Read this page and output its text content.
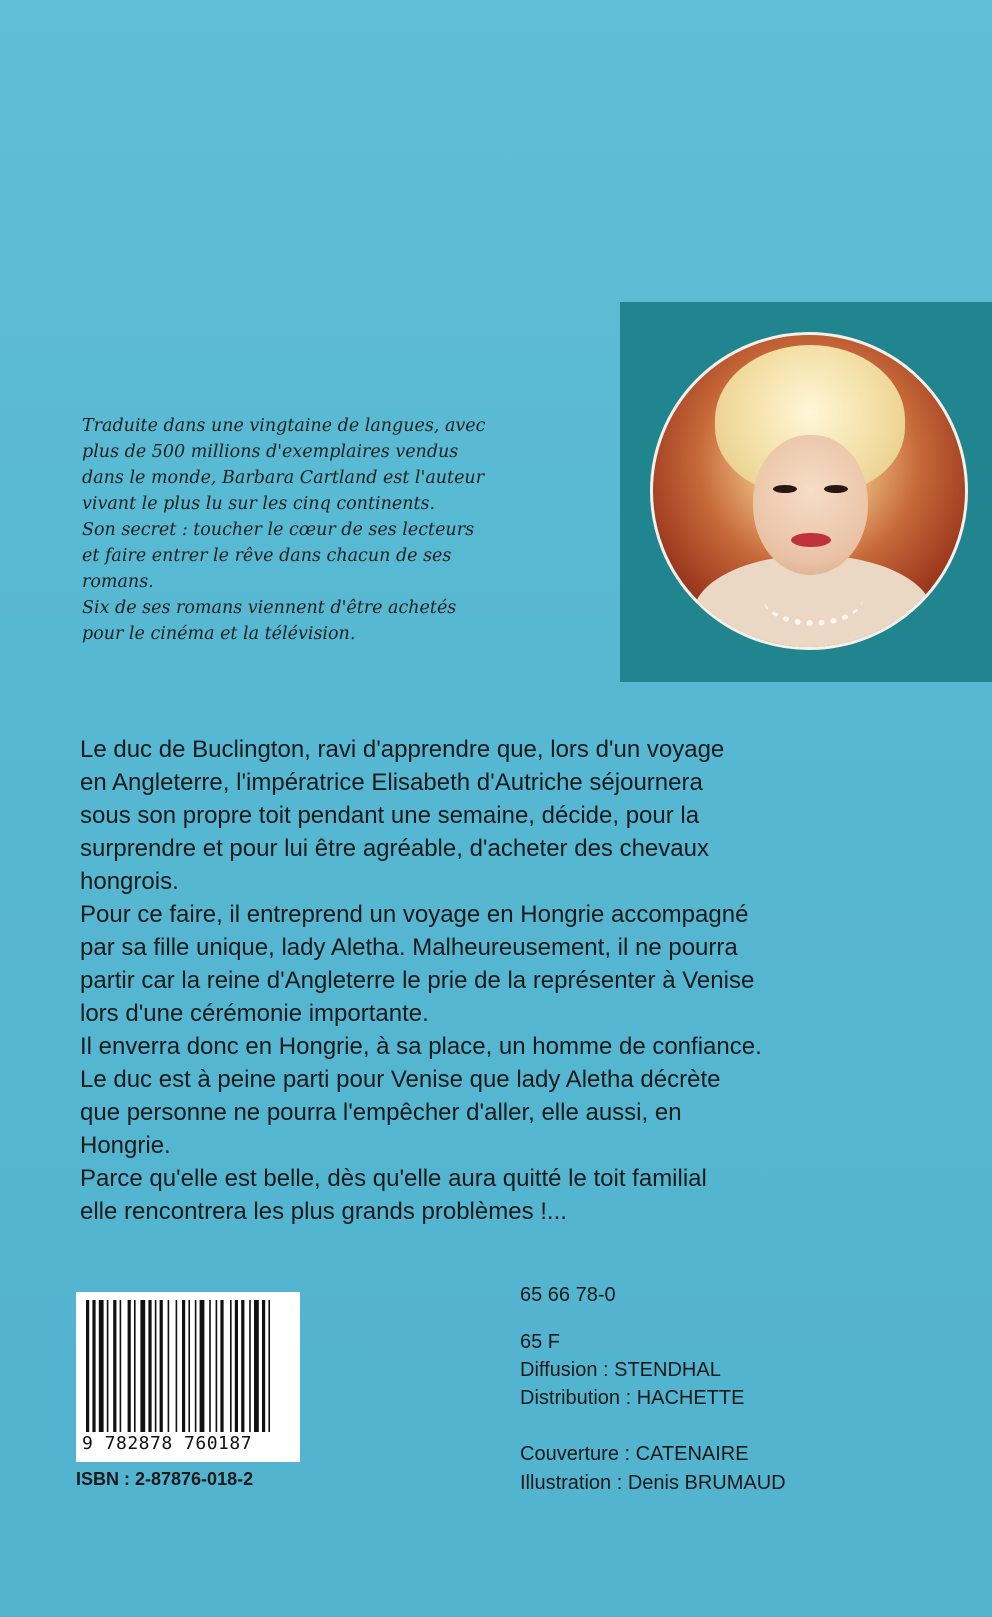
Traduite dans une vingtaine de langues, avec
plus de 500 millions d'exemplaires vendus
dans le monde, Barbara Cartland est l'auteur
vivant le plus lu sur les cinq continents.
Son secret : toucher le cœur de ses lecteurs
et faire entrer le rêve dans chacun de ses
romans.
Six de ses romans viennent d'être achetés
pour le cinéma et la télévision.

Le duc de Buclington, ravi d'apprendre que, lors d'un voyage
en Angleterre, l'impératrice Elisabeth d'Autriche séjournera
sous son propre toit pendant une semaine, décide, pour la
surprendre et pour lui être agréable, d'acheter des chevaux
hongrois.
Pour ce faire, il entreprend un voyage en Hongrie accompagné
par sa fille unique, lady Aletha. Malheureusement, il ne pourra
partir car la reine d'Angleterre le prie de la représenter à Venise
lors d'une cérémonie importante.
Il enverra donc en Hongrie, à sa place, un homme de confiance.
Le duc est à peine parti pour Venise que lady Aletha décrète
que personne ne pourra l'empêcher d'aller, elle aussi, en
Hongrie.
Parce qu'elle est belle, dès qu'elle aura quitté le toit familial
elle rencontrera les plus grands problèmes !...
9 782878 760187
ISBN : 2-87876-018-2
65 66 78-0
65 F
Diffusion : STENDHAL
Distribution : HACHETTE
Couverture : CATENAIRE
Illustration : Denis BRUMAUD
